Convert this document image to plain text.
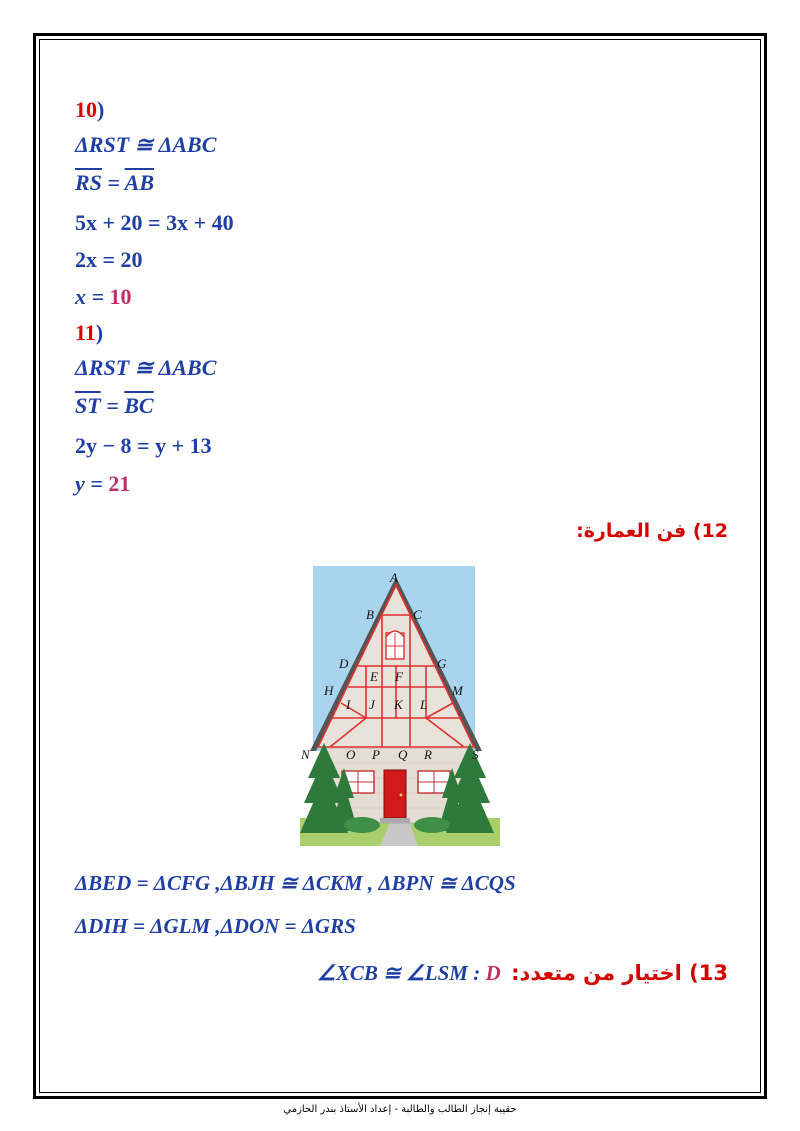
10)
ΔRST ≅ ΔABC
$\overline{RS} = \overline{AB}$
5x + 20 = 3x + 40
2x = 20
x = 10
11)
ΔRST ≅ ΔABC
$\overline{ST} = \overline{BC}$
2y − 8 = y + 13
y = 21
12) فن العمارة:
A
B	C
D
E F
G
H
I J K L
M
N	O P Q R	S
ΔBED = ΔCFG ,ΔBJH ≅ ΔCKM , ΔBPN ≅ ΔCQS
ΔDIH = ΔGLM ,ΔDON = ΔGRS
∠XCB ≅ ∠LSM : D 13) اختيار من متعدد:
حقيبة إنجاز الطالب والطالبة - إعداد الأستاذ بندر الحازمي
